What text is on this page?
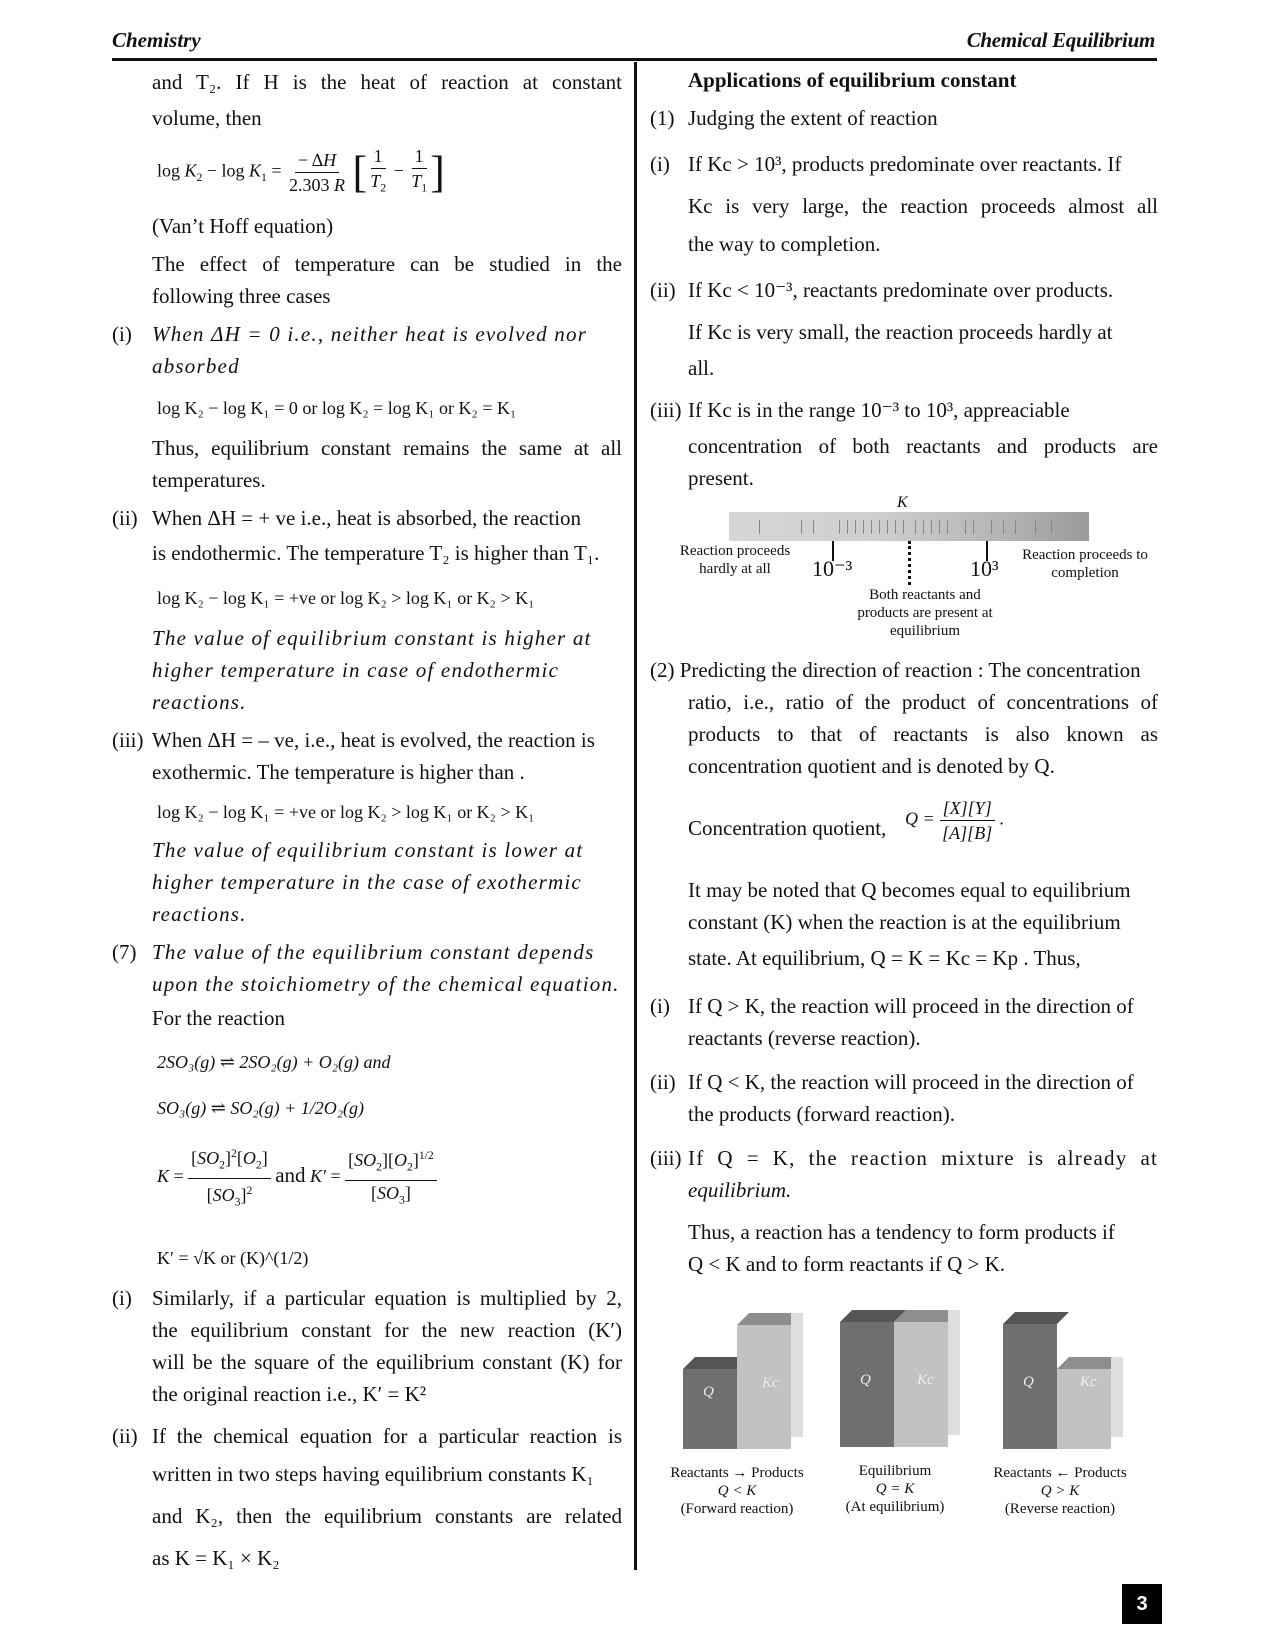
Chemistry	Chemical Equilibrium
and T₂. If H is the heat of reaction at constant
volume, then
$\log K_2 - \log K_1 = \frac{- \Delta H}{2.303 R}$ [ $\frac{1}{T_2} - \frac{1}{T_1}$ ]
(Van’t Hoff equation)
The effect of temperature can be studied in the
following three cases
(i) When ΔH = 0 i.e., neither heat is evolved nor
absorbed
log K₂ − log K₁ = 0 or log K₂ = log K₁ or K₂ = K₁
Thus, equilibrium constant remains the same at all
temperatures.
(ii) When ΔH = + ve i.e., heat is absorbed, the reaction
is endothermic. The temperature T₂ is higher than T₁.
log K₂ − log K₁ = +ve or log K₂ > log K₁ or K₂ > K₁
The value of equilibrium constant is higher at
higher temperature in case of endothermic
reactions.
(iii) When ΔH = – ve, i.e., heat is evolved, the reaction is
exothermic. The temperature is higher than .
log K₂ − log K₁ = +ve or log K₂ > log K₁ or K₂ > K₁
The value of equilibrium constant is lower at
higher temperature in the case of exothermic
reactions.
(7) The value of the equilibrium constant depends
upon the stoichiometry of the chemical equation.
For the reaction
2SO₃(g) ⇌ 2SO₂(g) + O₂(g) and
SO₃(g) ⇌ SO₂(g) + 1/2O₂(g)
$K = \frac{[SO_2]^2[O_2]}{[SO_3]^2}$ and $K' = \frac{[SO_2][O_2]^{1/2}}{[SO_3]}$
K′ = √K or (K)^(1/2)
(i) Similarly, if a particular equation is multiplied by 2,
the equilibrium constant for the new reaction (K′)
will be the square of the equilibrium constant (K) for
the original reaction i.e., K′ = K²
(ii) If the chemical equation for a particular reaction is
written in two steps having equilibrium constants K₁
and K₂, then the equilibrium constants are related
as K = K₁ × K₂
Applications of equilibrium constant
(1) Judging the extent of reaction
(i) If Kc > 10³, products predominate over reactants. If
Kc is very large, the reaction proceeds almost all
the way to completion.
(ii) If Kc < 10⁻³, reactants predominate over products.
If Kc is very small, the reaction proceeds hardly at
all.
(iii) If Kc is in the range 10⁻³ to 10³, appreaciable
concentration of both reactants and products are
present.
K
Reaction proceeds hardly at all	10⁻³	10³
Reaction proceeds to completion
Both reactants and products are present at equilibrium
(2) Predicting the direction of reaction : The concentration
ratio, i.e., ratio of the product of concentrations of
products to that of reactants is also known as
concentration quotient and is denoted by Q.
Concentration quotient, $Q = \frac{[X][Y]}{[A][B]}$ .
It may be noted that Q becomes equal to equilibrium
constant (K) when the reaction is at the equilibrium
state. At equilibrium, Q = K = Kc = Kp . Thus,
(i) If Q > K, the reaction will proceed in the direction of
reactants (reverse reaction).
(ii) If Q < K, the reaction will proceed in the direction of
the products (forward reaction).
(iii) If Q = K, the reaction mixture is already at
equilibrium.
Thus, a reaction has a tendency to form products if
Q < K and to form reactants if Q > K.
Q
Kc
Reactants → Products
Q < K
(Forward reaction)
Q	Kc
Equilibrium
Q = K
(At equilibrium)
Q	Kc
Reactants ← Products
Q > K
(Reverse reaction)
3
